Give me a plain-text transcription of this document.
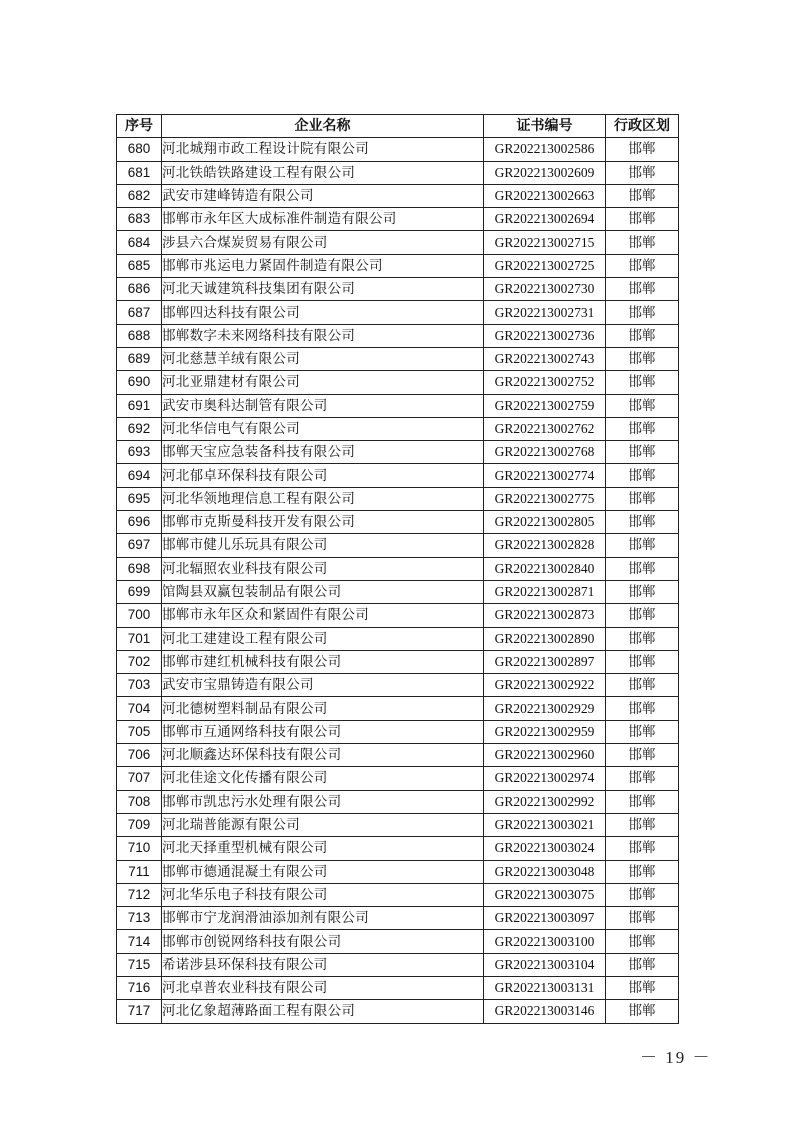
序号	企业名称	证书编号	行政区划
680	河北城翔市政工程设计院有限公司	GR202213002586	邯郸
681	河北铁皓铁路建设工程有限公司	GR202213002609	邯郸
682	武安市建峰铸造有限公司	GR202213002663	邯郸
683	邯郸市永年区大成标准件制造有限公司	GR202213002694	邯郸
684	涉县六合煤炭贸易有限公司	GR202213002715	邯郸
685	邯郸市兆运电力紧固件制造有限公司	GR202213002725	邯郸
686	河北天诚建筑科技集团有限公司	GR202213002730	邯郸
687	邯郸四达科技有限公司	GR202213002731	邯郸
688	邯郸数字未来网络科技有限公司	GR202213002736	邯郸
689	河北慈慧羊绒有限公司	GR202213002743	邯郸
690	河北亚鼎建材有限公司	GR202213002752	邯郸
691	武安市奥科达制管有限公司	GR202213002759	邯郸
692	河北华信电气有限公司	GR202213002762	邯郸
693	邯郸天宝应急装备科技有限公司	GR202213002768	邯郸
694	河北郁卓环保科技有限公司	GR202213002774	邯郸
695	河北华领地理信息工程有限公司	GR202213002775	邯郸
696	邯郸市克斯曼科技开发有限公司	GR202213002805	邯郸
697	邯郸市健儿乐玩具有限公司	GR202213002828	邯郸
698	河北辐照农业科技有限公司	GR202213002840	邯郸
699	馆陶县双赢包装制品有限公司	GR202213002871	邯郸
700	邯郸市永年区众和紧固件有限公司	GR202213002873	邯郸
701	河北工建建设工程有限公司	GR202213002890	邯郸
702	邯郸市建红机械科技有限公司	GR202213002897	邯郸
703	武安市宝鼎铸造有限公司	GR202213002922	邯郸
704	河北德树塑料制品有限公司	GR202213002929	邯郸
705	邯郸市互通网络科技有限公司	GR202213002959	邯郸
706	河北顺鑫达环保科技有限公司	GR202213002960	邯郸
707	河北佳途文化传播有限公司	GR202213002974	邯郸
708	邯郸市凯忠污水处理有限公司	GR202213002992	邯郸
709	河北瑞普能源有限公司	GR202213003021	邯郸
710	河北天择重型机械有限公司	GR202213003024	邯郸
711	邯郸市德通混凝土有限公司	GR202213003048	邯郸
712	河北华乐电子科技有限公司	GR202213003075	邯郸
713	邯郸市宁龙润滑油添加剂有限公司	GR202213003097	邯郸
714	邯郸市创锐网络科技有限公司	GR202213003100	邯郸
715	希诺涉县环保科技有限公司	GR202213003104	邯郸
716	河北卓普农业科技有限公司	GR202213003131	邯郸
717	河北亿象超薄路面工程有限公司	GR202213003146	邯郸
－ 19 －
